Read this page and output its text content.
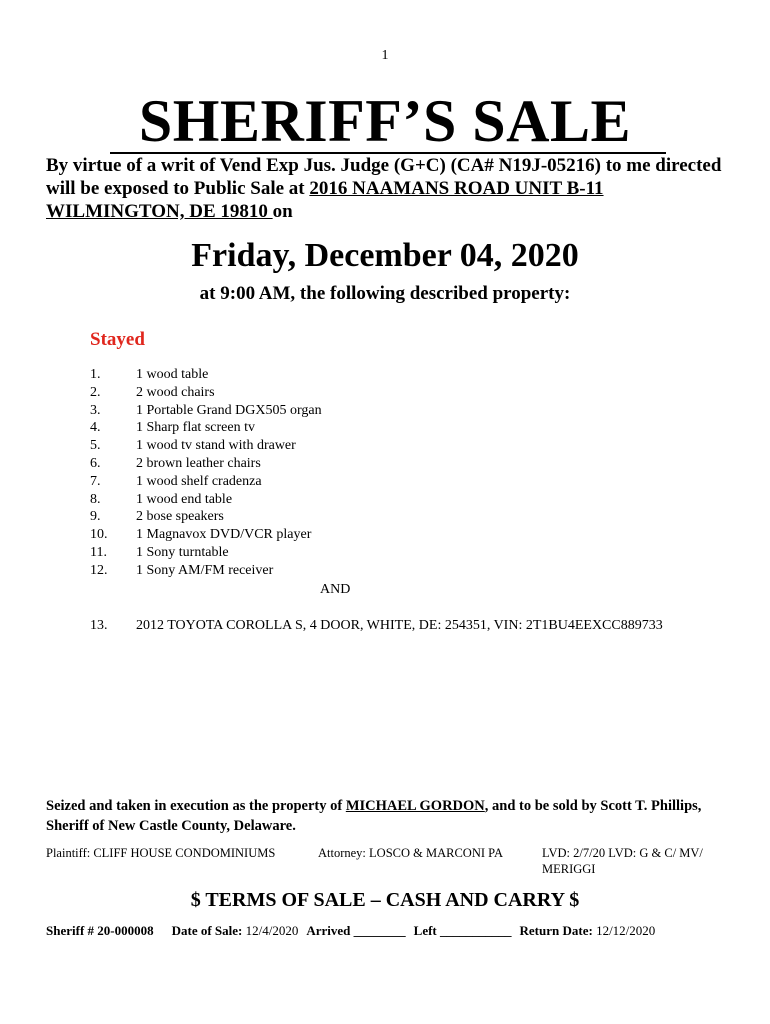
1
SHERIFF’S SALE
By virtue of a writ of Vend Exp Jus. Judge (G+C) (CA# N19J-05216) to me directed will be exposed to Public Sale at 2016 NAAMANS ROAD UNIT B-11 WILMINGTON, DE 19810 on
Friday, December 04, 2020
at 9:00 AM, the following described property:
Stayed
1.	1 wood table
2.	2 wood chairs
3.	1 Portable Grand DGX505 organ
4.	1 Sharp flat screen tv
5.	1 wood tv stand with drawer
6.	2 brown leather chairs
7.	1 wood shelf cradenza
8.	1 wood end table
9.	2 bose speakers
10. 1 Magnavox DVD/VCR player
11. 1 Sony turntable
12. 1 Sony AM/FM receiver
AND
13. 2012 TOYOTA COROLLA S, 4 DOOR, WHITE, DE: 254351, VIN: 2T1BU4EEXCC889733
Seized and taken in execution as the property of MICHAEL GORDON, and to be sold by Scott T. Phillips, Sheriff of New Castle County, Delaware.
Plaintiff: CLIFF HOUSE CONDOMINIUMS	Attorney: LOSCO & MARCONI PA	LVD: 2/7/20 LVD: G & C/ MV/ MERIGGI
$ TERMS OF SALE – CASH AND CARRY $
Sheriff # 20-000008 Date of Sale: 12/4/2020 Arrived ________ Left ___________ Return Date: 12/12/2020
